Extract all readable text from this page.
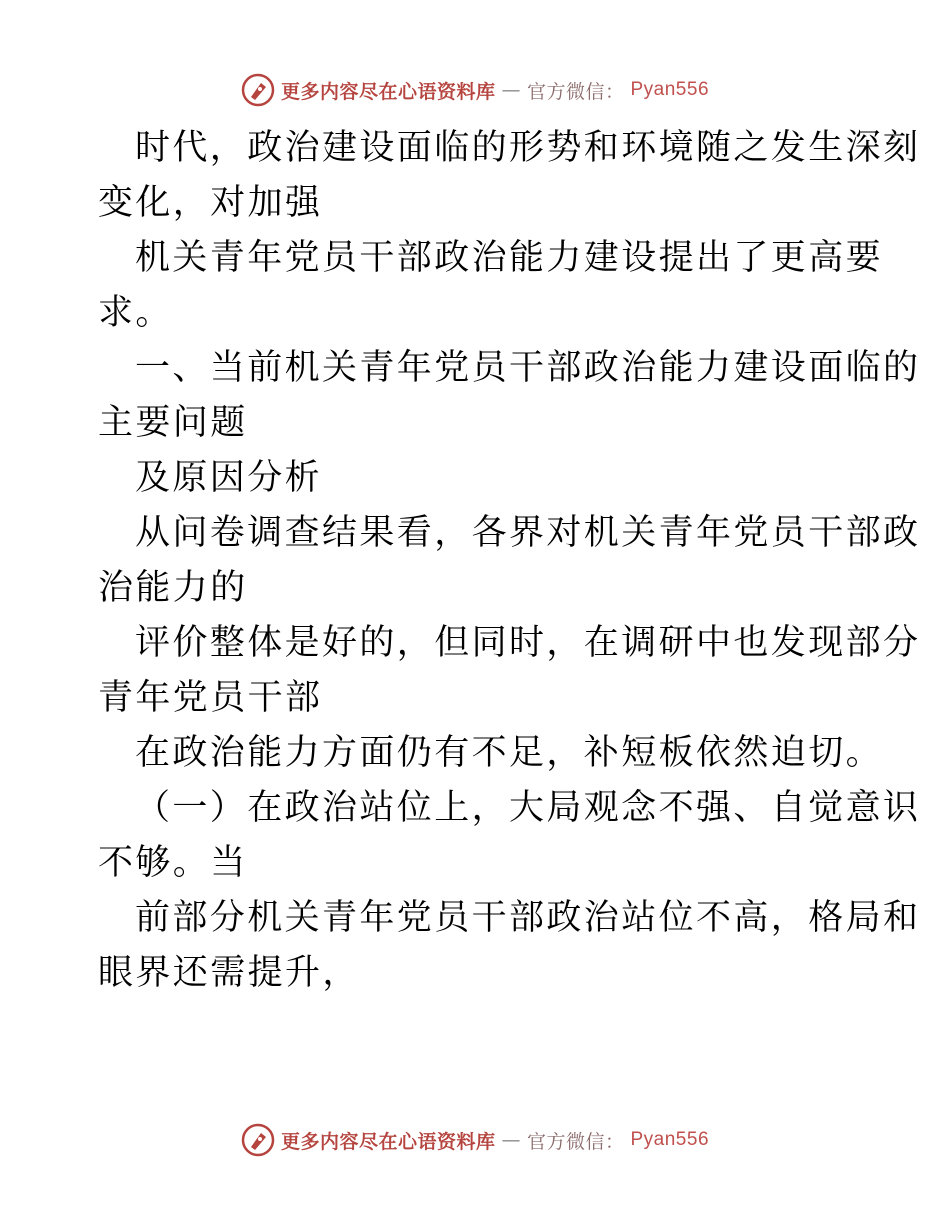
更多内容尽在心语资料库 — 官方微信： Pyan556
时代，政治建设面临的形势和环境随之发生深刻
变化，对加强
机关青年党员干部政治能力建设提出了更高要
求。
一、当前机关青年党员干部政治能力建设面临的
主要问题
及原因分析
从问卷调查结果看，各界对机关青年党员干部政
治能力的
评价整体是好的，但同时，在调研中也发现部分
青年党员干部
在政治能力方面仍有不足，补短板依然迫切。
（一）在政治站位上，大局观念不强、自觉意识
不够。当
前部分机关青年党员干部政治站位不高，格局和
眼界还需提升，
更多内容尽在心语资料库 — 官方微信： Pyan556
